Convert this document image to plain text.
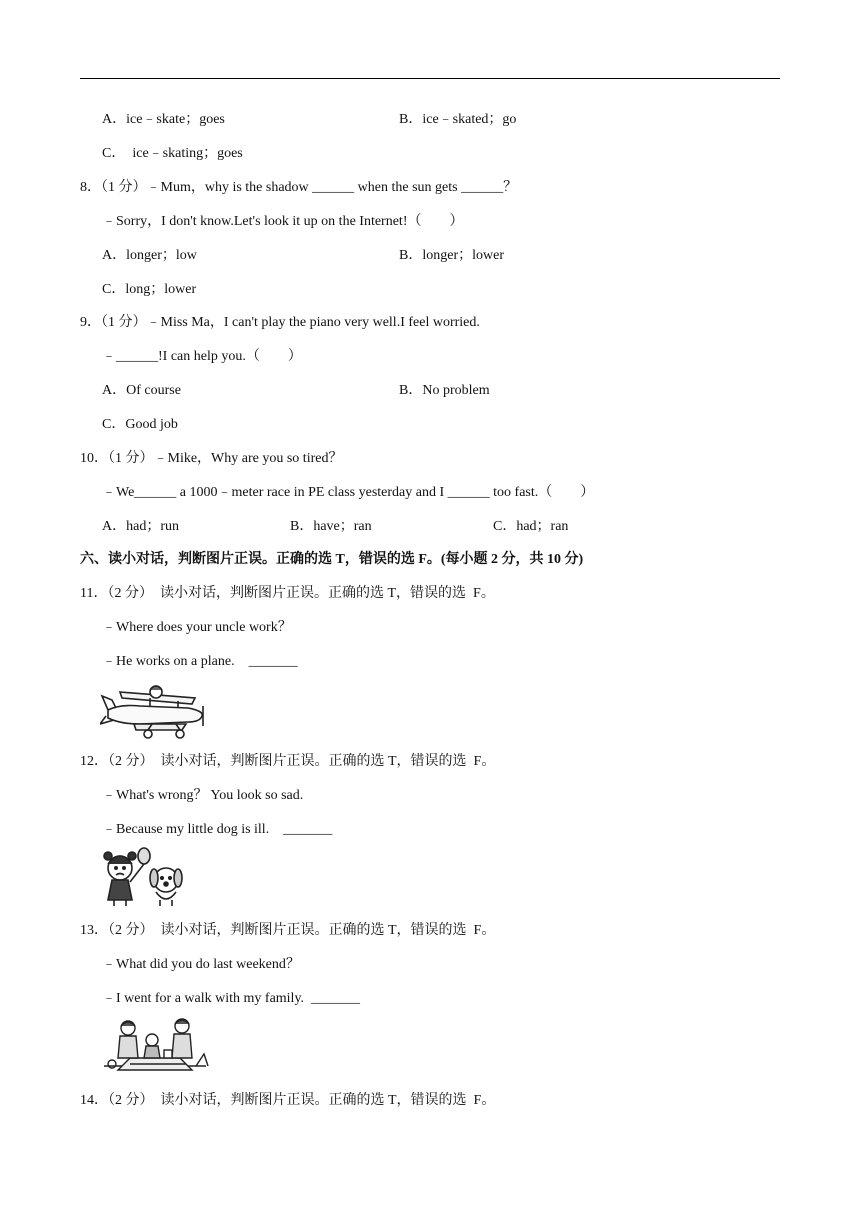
A．ice﹣skate；goes	B．ice﹣skated；go
C．  ice﹣skating；goes
8．（1 分）﹣Mum，why is the shadow ______ when the sun gets ______？
﹣Sorry，I don't know.Let's look it up on the Internet!（        ）
A．longer；low	B．longer；lower
C．long；lower
9．（1 分）﹣Miss Ma，I can't play the piano very well.I feel worried.
﹣______!I can help you.（        ）
A．Of course	B．No problem
C．Good job
10．（1 分）﹣Mike，Why are you so tired？
﹣We______ a 1000﹣meter race in PE class yesterday and I ______ too fast.（        ）
A．had；run	B．have；ran	C．had；ran
六、读小对话，判断图片正误。正确的选 T，错误的选 F。(每小题 2 分，共 10 分)
11．（2 分）  读小对话，判断图片正误。正确的选 T，错误的选  F。
﹣Where does your uncle work？
﹣He works on a plane.    _______
12．（2 分）  读小对话，判断图片正误。正确的选 T，错误的选  F。
﹣What's wrong？ You look so sad.
﹣Because my little dog is ill.    _______
13．（2 分）  读小对话，判断图片正误。正确的选 T，错误的选  F。
﹣What did you do last weekend？
﹣I went for a walk with my family.  _______
14．（2 分）  读小对话，判断图片正误。正确的选 T，错误的选  F。
